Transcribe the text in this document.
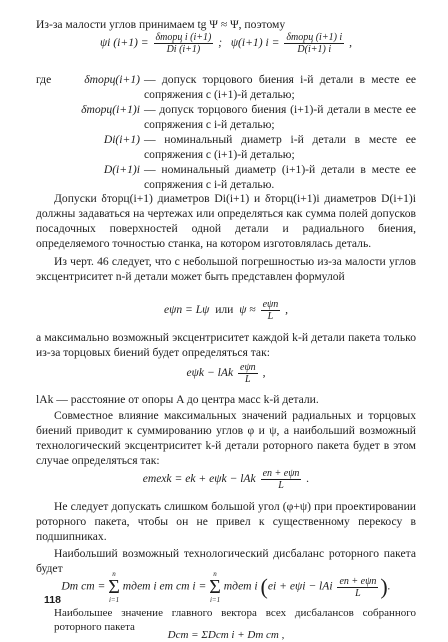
Из-за малости углов принимаем tg Ψ ≈ Ψ, поэтому
ψi $(i+1) = \frac{\text{δторц i (i+1)}}{Di (i+1)}$ ; ψ(i+1) $i = \frac{\text{δторц (i+1) i}}{D(i+1) i}$ ,
где	δторц(i+1) — допуск торцового биения i-й детали в месте ее сопряжения с (i+1)-й деталью;
δторц(i+1)i — допуск торцового биения (i+1)-й детали в месте ее сопряжения с i-й деталью;
Di(i+1) — номинальный диаметр i-й детали в месте ее сопряжения с (i+1)-й деталью;
D(i+1)i — номинальный диаметр (i+1)-й детали в месте ее сопряжения с i-й деталью.
Допуски δторц(i+1) диаметров Di(i+1) и δторц(i+1)i диаметров D(i+1)i должны задаваться на чертежах или определяться как сумма полей допусков посадочных поверхностей одной детали и радиального биения, определяемого точностью станка, на котором изготовлялась деталь.
Из черт. 46 следует, что с небольшой погрешностью из-за малости углов эксцентриситет n-й детали может быть представлен формулой
eψn = Lψ или $\psi \approx \frac{\text{eψn}}{L}$ ,
а максимально возможный эксцентриситет каждой k-й детали пакета только из-за торцовых биений будет определяться так:
eψk − lAk $\frac{\text{eψn}}{L}$ ,
lAk — расстояние от опоры A до центра масс k-й детали.
Совместное влияние максимальных значений радиальных и торцовых биений приводит к суммированию углов φ и ψ, а наибольший возможный технологический эксцентриситет k-й детали роторного пакета будет в этом случае определяться так:
eтехk = ek + eψk − lAk $\frac{\text{en + eψn}}{L}$ .
Не следует допускать слишком большой угол (φ+ψ) при проектировании роторного пакета, чтобы он не привел к существенному перекосу в подшипниках.
Наибольший возможный технологический дисбаланс роторного пакета будет
Dт ст =
n
Σ
i=1
mдет i eт ст i =
n
Σ
i=1
mдет i (ei + eψi − lAi $\frac{\text{en + eψn}}{L}$ ).
Наибольшее значение главного вектора всех дисбалансов собранного роторного пакета
Dст = ΣDст i + Dт ст ,
118
